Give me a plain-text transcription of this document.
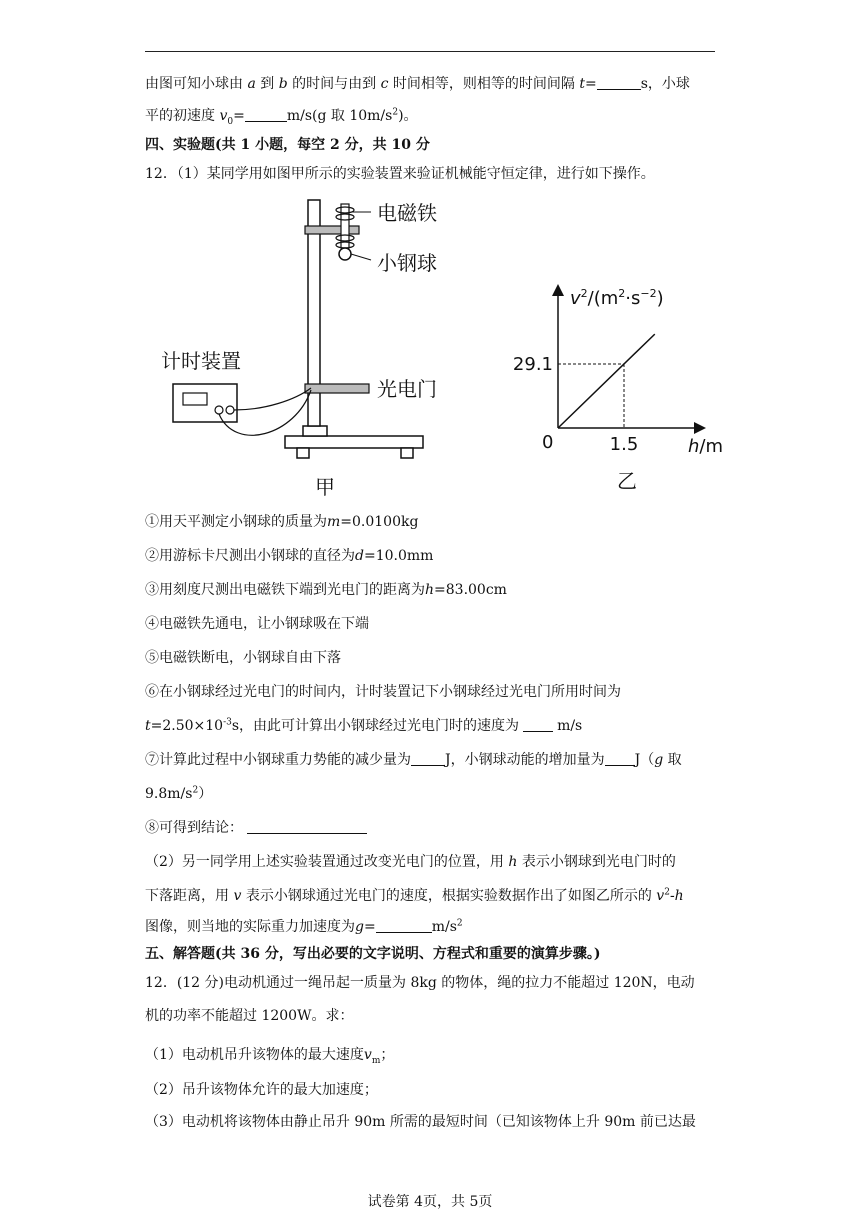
由图可知小球由 a 到 b 的时间与由到 c 时间相等，则相等的时间间隔 t=	s，小球
平的初速度 $v_0=$	m/s(g 取 $10m/s^2$)。
四、实验题(共 1 小题，每空 2 分，共 10 分
12．（1）某同学用如图甲所示的实验装置来验证机械能守恒定律，进行如下操作。
电磁铁
小钢球
计时装置
光电门
甲
29.1
1.5
0
$v^2/(m^2\cdot s^{-2})$
h/m
乙
①用天平测定小钢球的质量为m=0.0100kg
②用游标卡尺测出小钢球的直径为d=10.0mm
③用刻度尺测出电磁铁下端到光电门的距离为h=83.00cm
④电磁铁先通电，让小钢球吸在下端
⑤电磁铁断电，小钢球自由下落
⑥在小钢球经过光电门的时间内，计时装置记下小钢球经过光电门所用时间为
$t=2.50\times 10^{-3}s$，由此可计算出小钢球经过光电门时的速度为	m/s
⑦计算此过程中小钢球重力势能的减少量为 J，小钢球动能的增加量为 J（g 取
$9.8m/s^2$）
⑧可得到结论：
（2）另一同学用上述实验装置通过改变光电门的位置，用 h 表示小钢球到光电门时的
下落距离，用 v 表示小钢球通过光电门的速度，根据实验数据作出了如图乙所示的 $v^2-h$
图像，则当地的实际重力加速度为g=	$m/s^2$
五、解答题(共 36 分，写出必要的文字说明、方程式和重要的演算步骤。)
12．(12 分)电动机通过一绳吊起一质量为 8kg 的物体，绳的拉力不能超过 120N，电动
机的功率不能超过 1200W。求：
（1）电动机吊升该物体的最大速度$v_m$；
（2）吊升该物体允许的最大加速度；
（3）电动机将该物体由静止吊升 90m 所需的最短时间（已知该物体上升 90m 前已达最
试卷第 4页，共 5页
